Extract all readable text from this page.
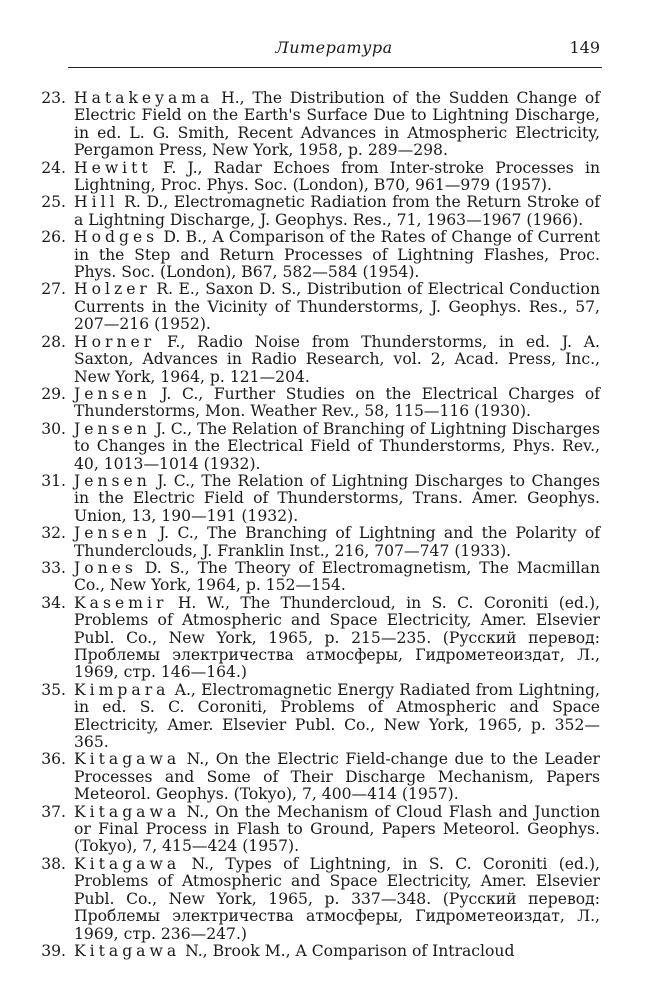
Литература	149
23. Hatakeyama H., The Distribution of the Sudden Change of Electric Field on the Earth's Surface Due to Lightning Discharge, in ed. L. G. Smith, Recent Advances in Atmospheric Electricity, Pergamon Press, New York, 1958, p. 289—298.
24. Hewitt F. J., Radar Echoes from Inter-stroke Processes in Lightning, Proc. Phys. Soc. (London), B70, 961—979 (1957).
25. Hill R. D., Electromagnetic Radiation from the Return Stroke of a Lightning Discharge, J. Geophys. Res., 71, 1963—1967 (1966).
26. Hodges D. B., A Comparison of the Rates of Change of Current in the Step and Return Processes of Lightning Flashes, Proc. Phys. Soc. (London), B67, 582—584 (1954).
27. Holzer R. E., Saxon D. S., Distribution of Electrical Conduction Currents in the Vicinity of Thunderstorms, J. Geophys. Res., 57, 207—216 (1952).
28. Horner F., Radio Noise from Thunderstorms, in ed. J. A. Saxton, Advances in Radio Research, vol. 2, Acad. Press, Inc., New York, 1964, p. 121—204.
29. Jensen J. C., Further Studies on the Electrical Charges of Thunderstorms, Mon. Weather Rev., 58, 115—116 (1930).
30. Jensen J. C., The Relation of Branching of Lightning Discharges to Changes in the Electrical Field of Thunderstorms, Phys. Rev., 40, 1013—1014 (1932).
31. Jensen J. C., The Relation of Lightning Discharges to Changes in the Electric Field of Thunderstorms, Trans. Amer. Geophys. Union, 13, 190—191 (1932).
32. Jensen J. C., The Branching of Lightning and the Polarity of Thunderclouds, J. Franklin Inst., 216, 707—747 (1933).
33. Jones D. S., The Theory of Electromagnetism, The Macmillan Co., New York, 1964, p. 152—154.
34. Kasemir H. W., The Thundercloud, in S. C. Coroniti (ed.), Problems of Atmospheric and Space Electricity, Amer. Elsevier Publ. Co., New York, 1965, p. 215—235. (Русский перевод: Проблемы электричества атмосферы, Гидрометеоиздат, Л., 1969, стр. 146—164.)
35. Kimpara A., Electromagnetic Energy Radiated from Lightning, in ed. S. C. Coroniti, Problems of Atmospheric and Space Electricity, Amer. Elsevier Publ. Co., New York, 1965, p. 352—365.
36. Kitagawa N., On the Electric Field-change due to the Leader Processes and Some of Their Discharge Mechanism, Papers Meteorol. Geophys. (Tokyo), 7, 400—414 (1957).
37. Kitagawa N., On the Mechanism of Cloud Flash and Junction or Final Process in Flash to Ground, Papers Meteorol. Geophys. (Tokyo), 7, 415—424 (1957).
38. Kitagawa N., Types of Lightning, in S. C. Coroniti (ed.), Problems of Atmospheric and Space Electricity, Amer. Elsevier Publ. Co., New York, 1965, p. 337—348. (Русский перевод: Проблемы электричества атмосферы, Гидрометеоиздат, Л., 1969, стр. 236—247.)
39. Kitagawa N., Brook M., A Comparison of Intracloud
